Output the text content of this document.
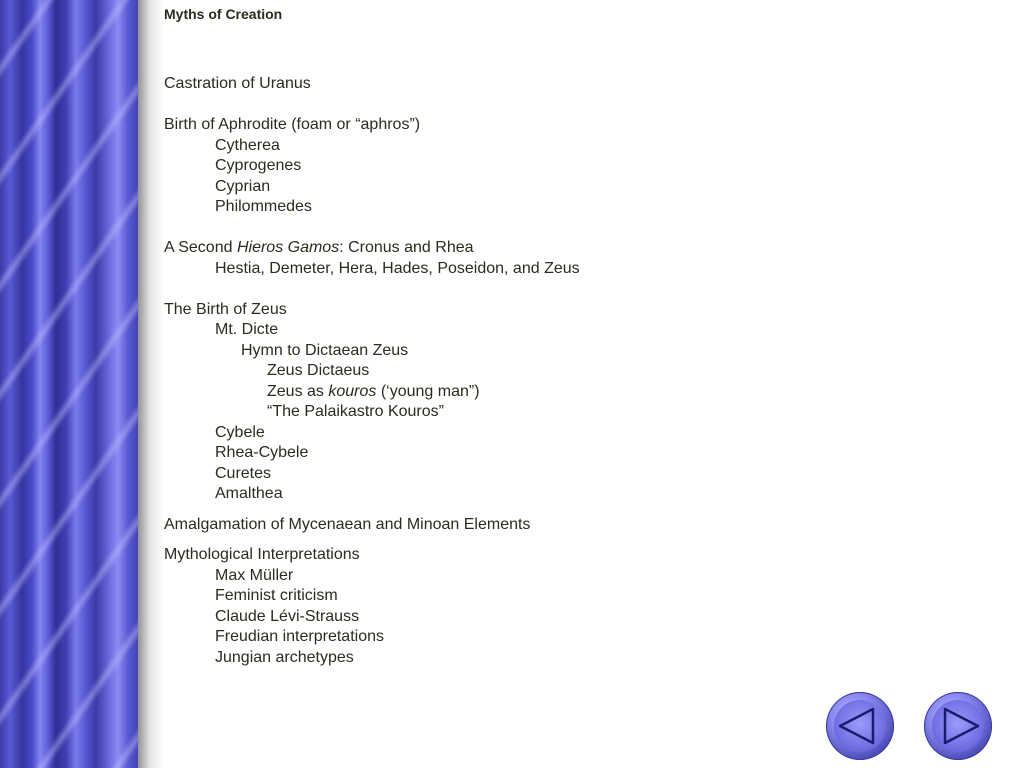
Myths of Creation
Castration of Uranus
Birth of Aphrodite (foam or “aphros”)
Cytherea
Cyprogenes
Cyprian
Philommedes
A Second Hieros Gamos: Cronus and Rhea
Hestia, Demeter, Hera, Hades, Poseidon, and Zeus
The Birth of Zeus
Mt. Dicte
Hymn to Dictaean Zeus
Zeus Dictaeus
Zeus as kouros (‘young man”)
“The Palaikastro Kouros”
Cybele
Rhea-Cybele
Curetes
Amalthea
Amalgamation of Mycenaean and Minoan Elements
Mythological Interpretations
Max Müller
Feminist criticism
Claude Lévi-Strauss
Freudian interpretations
Jungian archetypes
